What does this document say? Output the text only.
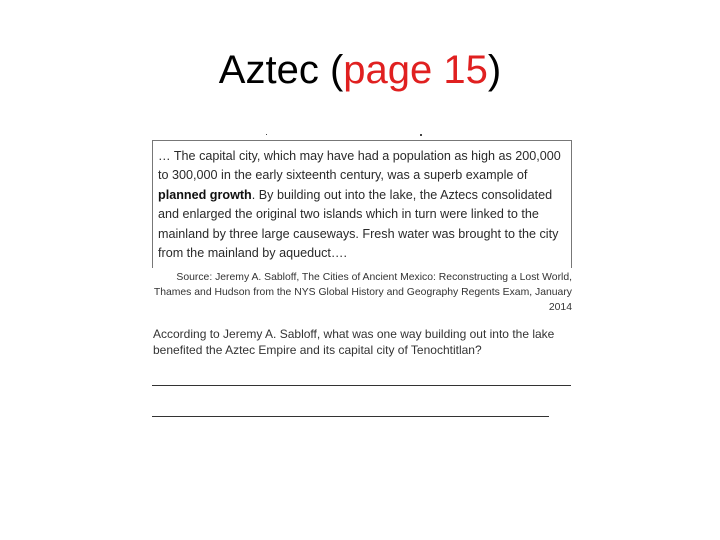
Aztec (page 15)

… The capital city, which may have had a population as high as 200,000 to 300,000 in the early sixteenth century, was a superb example of planned growth. By building out into the lake, the Aztecs consolidated and enlarged the original two islands which in turn were linked to the mainland by three large causeways. Fresh water was brought to the city from the mainland by aqueduct….

Source: Jeremy A. Sabloff, The Cities of Ancient Mexico: Reconstructing a Lost World,
Thames and Hudson from the NYS Global History and Geography Regents Exam, January
2014
According to Jeremy A. Sabloff, what was one way building out into the lake benefited the Aztec Empire and its capital city of Tenochtitlan?
